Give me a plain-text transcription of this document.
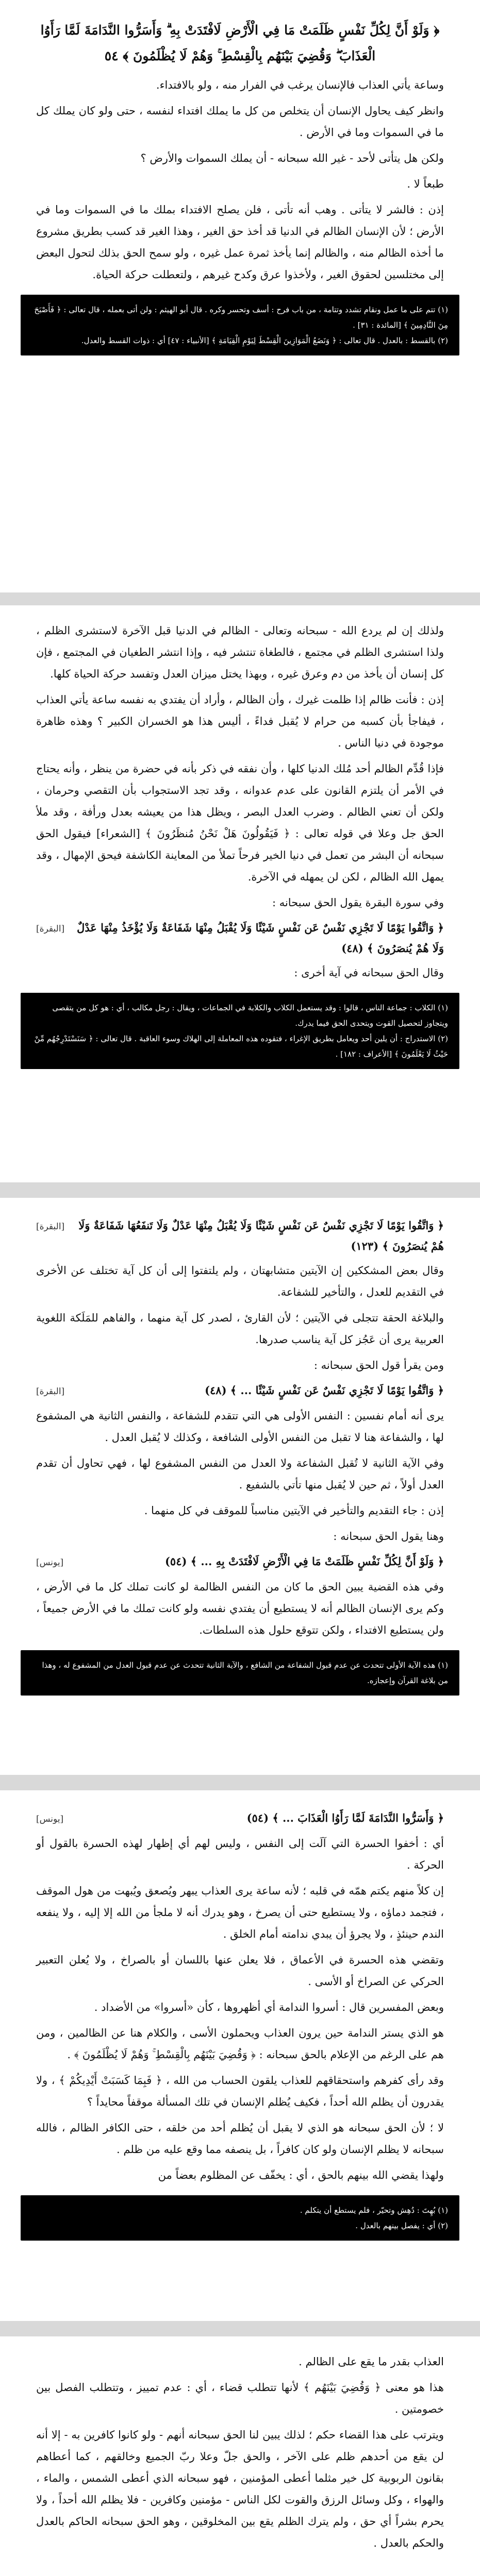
﴿ وَلَوْ أَنَّ لِكُلِّ نَفْسٍ ظَلَمَتْ مَا فِي الْأَرْضِ لَافْتَدَتْ بِهِ ۗ وَأَسَرُّوا النَّدَامَةَ لَمَّا رَأَوُا الْعَذَابَ ۖ وَقُضِيَ بَيْنَهُم بِالْقِسْطِ ۚ وَهُمْ لَا يُظْلَمُونَ ﴾ ٥٤

وساعة يأتي العذاب فالإنسان يرغب في الفرار منه ، ولو بالافتداء.

وانظر كيف يحاول الإنسان أن يتخلص من كل ما يملك افتداء لنفسه ، حتى ولو كان يملك كل ما في السموات وما في الأرض .

ولكن هل يتأتى لأحد - غير الله سبحانه - أن يملك السموات والأرض ؟

طبعاً لا .

إذن : فالشر لا يتأتى . وهب أنه تأتى ، فلن يصلح الافتداء بملك ما في السموات وما في الأرض ؛ لأن الإنسان الظالم في الدنيا قد أخذ حق الغير ، وهذا الغير قد كسب بطريق مشروع ما أخذه الظالم منه ، والظالم إنما يأخذ ثمرة عمل غيره ، ولو سمح الحق بذلك لتحول البعض إلى مختلسين لحقوق الغير ، ولأخذوا عرق وكدح غيرهم ، ولتعطلت حركة الحياة.

(١) تتم على ما عمل ونقام تشدد وتتامة ، من باب فرح : أسف وتحسر وكره . قال أبو الهيثم : ولن أتى بعمله ، قال تعالى : ﴿ فَأَصْبَحَ مِنَ النَّادِمِينَ ﴾ [المائدة : ٣١] .

(٢) بالقسط : بالعدل . قال تعالى : ﴿ وَنَضَعُ الْمَوَازِينَ الْقِسْطَ لِيَوْمِ الْقِيَامَةِ ﴾ [الأنبياء : ٤٧] أي : ذوات القسط والعدل.

ولذلك إن لم يردع الله - سبحانه وتعالى - الظالم في الدنيا قبل الآخرة لاستشرى الظلم ، ولذا استشرى الظلم في مجتمع ، فالطغاة تنتشر فيه ، وإذا انتشر الطغيان في المجتمع ، فإن كل إنسان أن يأخذ من دم وعرق غيره ، وبهذا يختل ميزان العدل وتفسد حركة الحياة كلها.

إذن : فأنت ظالم إذا ظلمت غيرك ، وأن الظالم ، وأراد أن يفتدي به نفسه ساعة يأتي العذاب ، فيفاجأ بأن كسبه من حرام لا يُقبل فداءً ، أليس هذا هو الخسران الكبير ؟ وهذه ظاهرة موجودة في دنيا الناس .

فإذا قُدِّم الظالم أحد مُلك الدنيا كلها ، وأن نفقه في ذكر بأنه في حضرة من ينظر ، وأنه يحتاج في الأمر أن يلتزم القانون على عدم عدوانه ، وقد تجد الاستجواب بأن التقصي وحرمان ، ولكن أن تعني الظالم . وضرب العدل البصر ، ويظل هذا من يعيشه بعدل ورأفة ، وقد ملأ الحق جل وعلا في قوله تعالى : ﴿ فَيَقُولُونَ هَلْ نَحْنُ مُنظَرُونَ ﴾ [الشعراء] فيقول الحق سبحانه أن البشر من تعمل في دنيا الخير فرحاً تملأ من المعاينة الكاشفة فيحق الإمهال ، وقد يمهل الله الظالم ، لكن لن يمهله في الآخرة.

وفي سورة البقرة يقول الحق سبحانه :

﴿ وَاتَّقُوا يَوْمًا لَا تَجْزِي نَفْسٌ عَن نَفْسٍ شَيْئًا وَلَا يُقْبَلُ مِنْهَا شَفَاعَةٌ وَلَا يُؤْخَذُ مِنْهَا عَدْلٌ وَلَا هُمْ يُنصَرُونَ ﴾ (٤٨)
[البقرة]

وقال الحق سبحانه في آية أخرى :

(١) الكلاب : جماعة الناس ، قالوا : وقد يستعمل الكلاب والكلابة في الجماعات ، ويقال : رجل مكالب ، أي : هو كل من يتقصى ويتجاوز لتحصيل القوت ويتحدى الحق فيما يدرك.

(٢) الاستدراج : أن يلين أحد ويعامل بطريق الإغراء ، فتقوده هذه المعاملة إلى الهلاك وسوء العاقبة . قال تعالى : ﴿ سَنَسْتَدْرِجُهُم مِّنْ حَيْثُ لَا يَعْلَمُونَ ﴾ [الأعراف : ١٨٢] .

﴿ وَاتَّقُوا يَوْمًا لَا تَجْزِي نَفْسٌ عَن نَفْسٍ شَيْئًا وَلَا يُقْبَلُ مِنْهَا عَدْلٌ وَلَا تَنفَعُهَا شَفَاعَةٌ وَلَا هُمْ يُنصَرُونَ ﴾ (١٢٣)
[البقرة]

وقال بعض المشككين إن الآيتين متشابهتان ، ولم يلتفتوا إلى أن كل آية تختلف عن الأخرى في التقديم للعدل ، والتأخير للشفاعة.

والبلاغة الحقة تتجلى في الآيتين ؛ لأن القارئ ، لصدر كل آية منهما ، والفاهم للمَلَكة اللغوية العربية يرى أن عَجُز كل آية يناسب صدرها.

ومن يقرأ قول الحق سبحانه :

﴿ وَاتَّقُوا يَوْمًا لَا تَجْزِي نَفْسٌ عَن نَفْسٍ شَيْئًا ... ﴾ (٤٨)
[البقرة]

يرى أنه أمام نفسين : النفس الأولى هي التي تتقدم للشفاعة ، والنفس الثانية هي المشفوع لها ، والشفاعة هنا لا تقبل من النفس الأولى الشافعة ، وكذلك لا يُقبل العدل .

وفي الآية الثانية لا تُقبل الشفاعة ولا العدل من النفس المشفوع لها ، فهي تحاول أن تقدم العدل أولاً ، ثم حين لا يُقبل منها تأتي بالشفيع .

إذن : جاء التقديم والتأخير في الآيتين مناسباً للموقف في كل منهما .

وهنا يقول الحق سبحانه :

﴿ وَلَوْ أَنَّ لِكُلِّ نَفْسٍ ظَلَمَتْ مَا فِي الْأَرْضِ لَافْتَدَتْ بِهِ ... ﴾ (٥٤)
[يونس]

وفي هذه القضية يبين الحق ما كان من النفس الظالمة لو كانت تملك كل ما في الأرض ، وكم يرى الإنسان الظالم أنه لا يستطيع أن يفتدي نفسه ولو كانت تملك ما في الأرض جميعاً ، ولن يستطيع الافتداء ، ولكن تتوقع حلول هذه السلطات.

(١) هذه الآية الأولى تتحدث عن عدم قبول الشفاعة من الشافع ، والآية الثانية تتحدث عن عدم قبول العدل من المشفوع له ، وهذا من بلاغة القرآن وإعجازه.

﴿ وَأَسَرُّوا النَّدَامَةَ لَمَّا رَأَوُا الْعَذَابَ ... ﴾ (٥٤)
[يونس]

أي : أخفوا الحسرة التي آلَت إلى النفس ، وليس لهم أي إظهار لهذه الحسرة بالقول أو الحركة .

إن كلاً منهم يكتم همّه في قلبه ؛ لأنه ساعة يرى العذاب يبهر ويُصعق ويُبهت من هول الموقف ، فتجمد دماؤه ، ولا يستطيع حتى أن يصرخ ، وهو يدرك أنه لا ملجأ من الله إلا إليه ، ولا ينفعه الندم حينئذٍ ، ولا يجرؤ أن يبدي ندامته أمام الخلق .

وتقضي هذه الحسرة في الأعماق ، فلا يعلن عنها باللسان أو بالصراخ ، ولا يُعلن التعبير الحركي عن الصراخ أو الأسى .

وبعض المفسرين قال : أسروا الندامة أي أظهروها ، كأن «أسروا» من الأضداد .

هو الذي يستر الندامة حين يرون العذاب ويحملون الأسى ، والكلام هنا عن الظالمين ، ومن هم على الرغم من الإعلام بالحق سبحانه : ﴿ وَقُضِيَ بَيْنَهُم بِالْقِسْطِ ۚ وَهُمْ لَا يُظْلَمُونَ ﴾ .

وقد رأى كفرهم واستحقاقهم للعذاب يلقون الحساب من الله ، ﴿ فَبِمَا كَسَبَتْ أَيْدِيكُمْ ﴾ ، ولا يقدرون أن يظلم الله أحداً ، فكيف يُظلم الإنسان في تلك المسألة موقفاً محايداً ؟

لا ؛ لأن الحق سبحانه هو الذي لا يقبل أن يُظلم أحد من خلقه ، حتى الكافر الظالم ، فالله سبحانه لا يظلم الإنسان ولو كان كافراً ، بل ينصفه مما وقع عليه من ظلم .

ولهذا يقضي الله بينهم بالحق ، أي : يخفّف عن المظلوم بعضاً من

(١) بُهِتَ : دُهِش وتحيّر ، فلم يستطع أن يتكلم .

(٢) أي : يفصل بينهم بالعدل .

العذاب بقدر ما يقع على الظالم .

هذا هو معنى ﴿ وَقُضِيَ بَيْنَهُم ﴾ لأنها تتطلب قضاء ، أي : عدم تمييز ، وتتطلب الفصل بين خصومتين .

ويترتب على هذا القضاء حكم ؛ لذلك يبين لنا الحق سبحانه أنهم - ولو كانوا كافرين به - إلا أنه لن يقع من أحدهم ظلم على الآخر ، والحق جلّ وعلا ربّ الجميع وخالقهم ، كما أعطاهم بقانون الربوبية كل خير مثلما أعطى المؤمنين ، فهو سبحانه الذي أعطى الشمس ، والماء ، والهواء ، وكل وسائل الرزق والقوت لكل الناس - مؤمنين وكافرين - فلا يظلم الله أحداً ، ولا يحرم بشراً أي حق ، ولم يترك الظلم يقع بين المخلوقين ، وهو الحق سبحانه الحاكم بالعدل والحكم بالعدل .
